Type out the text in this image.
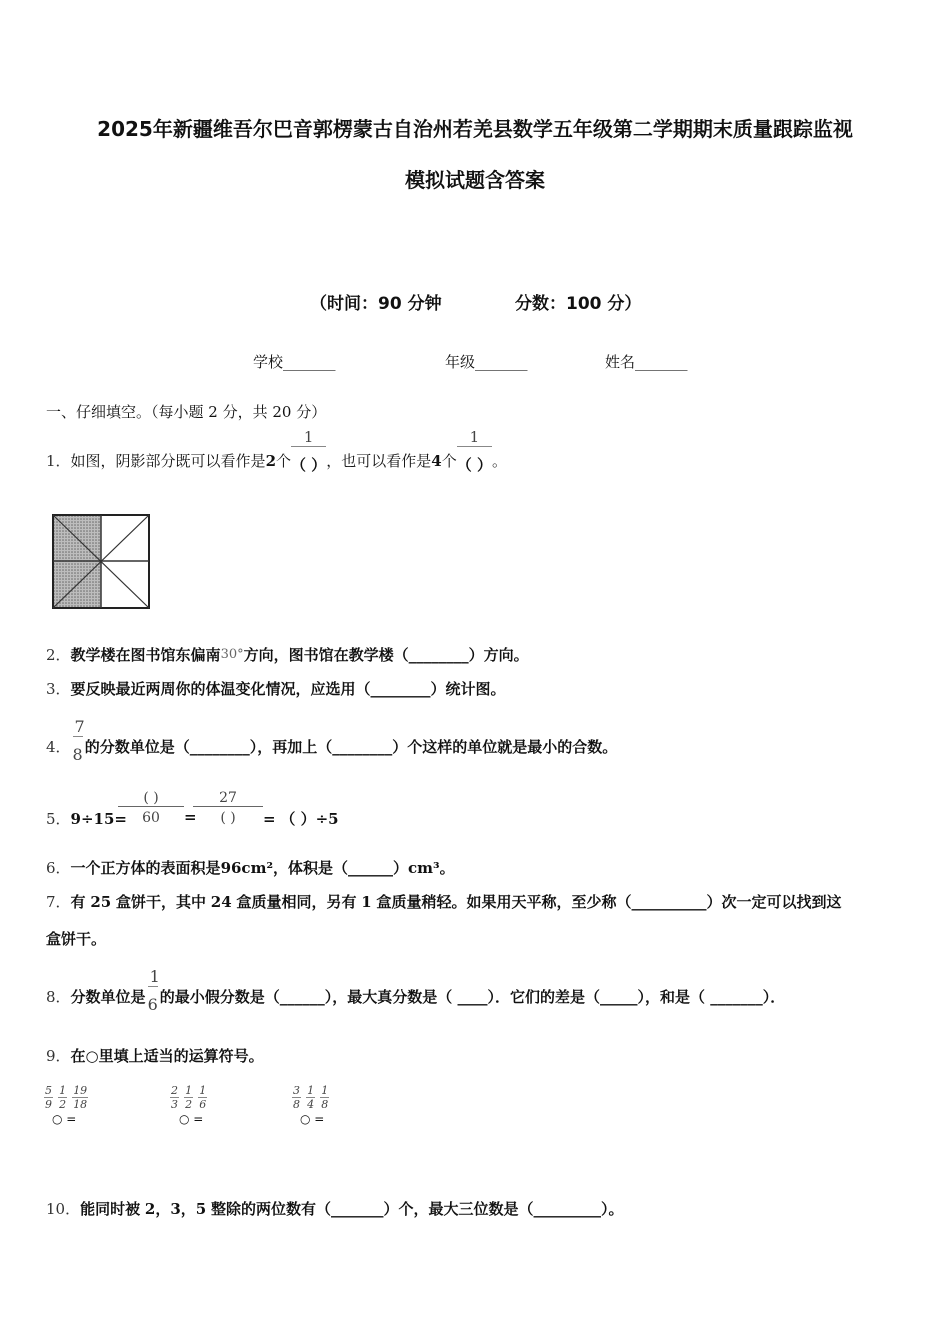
2025年新疆维吾尔巴音郭楞蒙古自治州若羌县数学五年级第二学期期末质量跟踪监视
模拟试题含答案
（时间：90 分钟	分数：100 分）
学校_______	年级_______	姓名_______
一、仔细填空。（每小题 2 分，共 20 分）
1．如图，阴影部分既可以看作是2个 $\frac{1}{( )}$，也可以看作是4个 $\frac{1}{( )}$。
2．教学楼在图书馆东偏南30°方向，图书馆在教学楼（________）方向。
3．要反映最近两周你的体温变化情况，应选用（________）统计图。
4． $\frac{7}{8}$ 的分数单位是（________），再加上（________）个这样的单位就是最小的合数。
5．9÷15=
( )
60	=
27
( )	= （ ）÷5
6．一个正方体的表面积是96cm²，体积是（______）cm³。
7．有 25 盒饼干，其中 24 盒质量相同，另有 1 盒质量稍轻。如果用天平称，至少称（__________）次一定可以找到这
盒饼干。
8．分数单位是 $\frac{1}{6}$ 的最小假分数是（______），最大真分数是（ ____）．它们的差是（_____），和是（ _______）．
9．在○里填上适当的运算符号。
$\frac{5}{9}$
$\frac{1}{2}$
$\frac{19}{18}$
○ =
$\frac{2}{3}$
$\frac{1}{2}$
$\frac{1}{6}$
○ =
$\frac{3}{8}$
$\frac{1}{4}$
$\frac{1}{8}$
○ =
10．能同时被 2，3，5 整除的两位数有（_______）个，最大三位数是（_________）。
